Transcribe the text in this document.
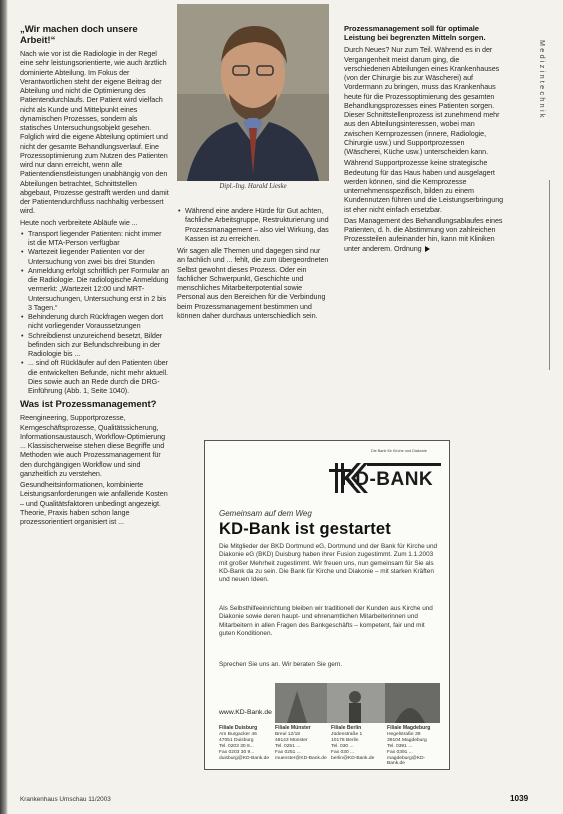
„Wir machen doch unsere Arbeit!“

Nach wie vor ist die Radiologie in der Regel eine sehr leistungsorientierte, wie auch ärztlich dominierte Abteilung. Im Fokus der Verantwortlichen steht der eigene Beitrag der Abteilung und nicht die Optimierung des Patientendurchlaufs. Der Patient wird vielfach nicht als Kunde und Mittelpunkt eines dynamischen Prozesses, sondern als statisches Untersuchungsobjekt gesehen. Folglich wird die eigene Abteilung optimiert und nicht der gesamte Behandlungsverlauf. Eine Prozessoptimierung zum Nutzen des Patienten wird nur dann erreicht, wenn alle Patientendienstleistungen unabhängig von den Abteilungen betrachtet, Schnittstellen abgebaut, Prozesse gestrafft werden und damit der Patientendurchfluss nachhaltig verbessert wird.

Heute noch verbreitete Abläufe wie ...

• Transport liegender Patienten: nicht immer ist die MTA-Person verfügbar
• Wartezeit liegender Patienten vor der Untersuchung von zwei bis drei Stunden
• Anmeldung erfolgt schriftlich per Formular an die Radiologie. Die radiologische Anmeldung vermerkt: „Wartezeit 12:00 und MRT-Untersuchungen, Untersuchung erst in 2 bis 3 Tagen.“
• Behinderung durch Rückfragen wegen dort nicht vorliegender Voraussetzungen
• Schreibdienst unzureichend besetzt, Bilder befinden sich zur Befundschreibung in der Radiologie bis ...
• ... sind oft Rückläufer auf den Patienten über die entwickelten Befunde, nicht mehr aktuell. Dies sowie auch an Rede durch die DRG-Einführung (Abb. 1, Seite 1040).
Was ist Prozessmanagement?

Reengineering, Supportprozesse, Kerngeschäftsprozesse, Qualitätssicherung, Informationsaustausch, Workflow-Optimierung ... Klassischerweise stehen diese Begriffe und Methoden wie auch Prozessmanagement für den durchgängigen Workflow und sind ganzheitlich zu verstehen.

Gesundheitsinformationen, kombinierte Leistungsanforderungen wie anfallende Kosten – und Qualitätsfaktoren unbedingt angezeigt. Theorie, Praxis haben schon lange prozessorientiert organisiert ist ...

Dipl.-Ing. Harald Lieske
• Während eine andere Hürde für Gut achten, fachliche Arbeitsgruppe, Restrukturierung und Prozessmanagement – also viel Wirkung, das Kassen ist zu erreichen.

Wir sagen alle Themen und dagegen sind nur an fachlich und ... fehlt, die zum übergeordneten Selbst gewohnt dieses Prozess. Oder ein fachlicher Schwerpunkt, Geschichte und menschliches Mitarbeiterpotential sowie Personal aus den Bereichen für die Verbindung beim Prozessmanagement bestimmen und können daher durchaus unterschiedlich sein.

Prozessmanagement soll für optimale Leistung bei begrenzten Mitteln sorgen.

Durch Neues? Nur zum Teil. Während es in der Vergangenheit meist darum ging, die verschiedenen Abteilungen eines Krankenhauses (von der Chirurgie bis zur Wäscherei) auf Vordermann zu bringen, muss das Krankenhaus heute für die Prozessoptimierung des gesamten Behandlungsprozesses eines Patienten sorgen. Dieser Schnittstellenprozess ist zunehmend mehr aus den Abteilungsinteressen, wobei man zwischen Kernprozessen (innere, Radiologie, Chirurgie usw.) und Supportprozessen (Wäscherei, Küche usw.) unterscheiden kann.

Während Supportprozesse keine strategische Bedeutung für das Haus haben und ausgelagert werden können, sind die Kernprozesse unternehmensspezifisch, bilden zu einem Kundennutzen führen und die Leistungserbringung ist eher nicht einfach ersetzbar.

Das Management des Behandlungsablaufes eines Patienten, d. h. die Abstimmung von zahlreichen Prozessteilen aufeinander hin, kann mit Kliniken unter anderem. Ordnung

Medizintechnik
Die Bank für Kirche und Diakonie
KD-BANK
Gemeinsam auf dem Weg
KD-Bank ist gestartet
Die Mitglieder der BKD Dortmund eG, Dortmund und der Bank für Kirche und Diakonie eG (BKD) Duisburg haben ihrer Fusion zugestimmt. Zum 1.1.2003 mit großer Mehrheit zugestimmt. Wir freuen uns, nun gemeinsam für Sie als KD-Bank da zu sein. Die Bank für Kirche und Diakonie – mit starken Kräften und neuen Ideen.
Als Selbsthilfeeinrichtung bleiben wir traditionell der Kunden aus Kirche und Diakonie sowie deren haupt- und ehrenamtlichen Mitarbeiterinnen und Mitarbeitern in allen Fragen des Bankgeschäfts – kompetent, fair und mit guten Konditionen.
Sprechen Sie uns an. Wir beraten Sie gern.
www.KD-Bank.de
Filiale Duisburg
Am Burgacker 46
47051 Duisburg
Tel. 0203 30 9...
Fax 0203 30 9...
duisburg@KD-Bank.de
Filiale Münster
Breul 12/18
48143 Münster
Tel. 0251 ...
Fax 0251 ...
muenster@KD-Bank.de
Filiale Berlin
Jüdenstraße 1
10178 Berlin
Tel. 030 ...
Fax 030 ...
berlin@KD-Bank.de
Filiale Magdeburg
Hegelstraße 39
39104 Magdeburg
Tel. 0391 ...
Fax 0391 ...
magdeburg@KD-Bank.de
Krankenhaus Umschau 11/2003	1039
